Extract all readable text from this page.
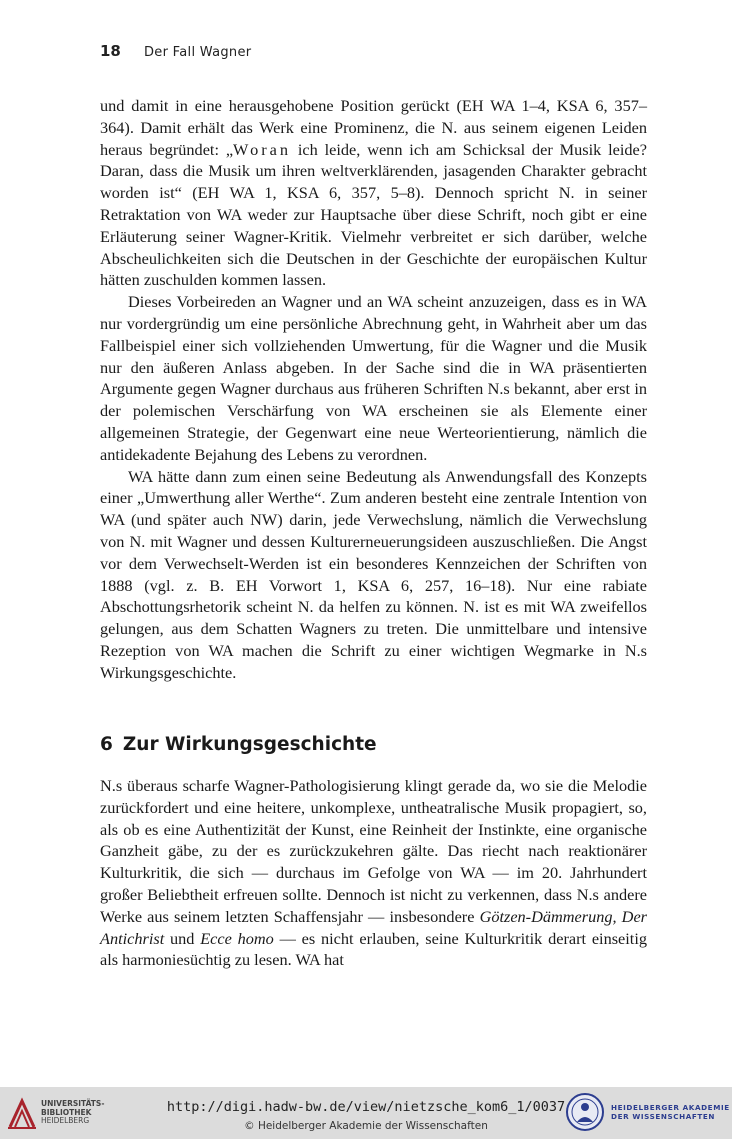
18	Der Fall Wagner

und damit in eine herausgehobene Position gerückt (EH WA 1–4, KSA 6, 357–364). Damit erhält das Werk eine Prominenz, die N. aus seinem eigenen Leiden heraus begründet: „Woran ich leide, wenn ich am Schicksal der Musik leide? Daran, dass die Musik um ihren weltverklärenden, jasagenden Charakter gebracht worden ist“ (EH WA 1, KSA 6, 357, 5–8). Dennoch spricht N. in seiner Retraktation von WA weder zur Hauptsache über diese Schrift, noch gibt er eine Erläuterung seiner Wagner-Kritik. Vielmehr verbreitet er sich darüber, welche Abscheulichkeiten sich die Deutschen in der Geschichte der europäischen Kultur hätten zuschulden kommen lassen.

Dieses Vorbeireden an Wagner und an WA scheint anzuzeigen, dass es in WA nur vordergründig um eine persönliche Abrechnung geht, in Wahrheit aber um das Fallbeispiel einer sich vollziehenden Umwertung, für die Wagner und die Musik nur den äußeren Anlass abgeben. In der Sache sind die in WA präsentierten Argumente gegen Wagner durchaus aus früheren Schriften N.s bekannt, aber erst in der polemischen Verschärfung von WA erscheinen sie als Elemente einer allgemeinen Strategie, der Gegenwart eine neue Werteorientierung, nämlich die antidekadente Bejahung des Lebens zu verordnen.

WA hätte dann zum einen seine Bedeutung als Anwendungsfall des Konzepts einer „Umwerthung aller Werthe“. Zum anderen besteht eine zentrale Intention von WA (und später auch NW) darin, jede Verwechslung, nämlich die Verwechslung von N. mit Wagner und dessen Kulturerneuerungsideen auszuschließen. Die Angst vor dem Verwechselt-Werden ist ein besonderes Kennzeichen der Schriften von 1888 (vgl. z. B. EH Vorwort 1, KSA 6, 257, 16–18). Nur eine rabiate Abschottungsrhetorik scheint N. da helfen zu können. N. ist es mit WA zweifellos gelungen, aus dem Schatten Wagners zu treten. Die unmittelbare und intensive Rezeption von WA machen die Schrift zu einer wichtigen Wegmarke in N.s Wirkungsgeschichte.

6 Zur Wirkungsgeschichte

N.s überaus scharfe Wagner-Pathologisierung klingt gerade da, wo sie die Melodie zurückfordert und eine heitere, unkomplexe, untheatralische Musik propagiert, so, als ob es eine Authentizität der Kunst, eine Reinheit der Instinkte, eine organische Ganzheit gäbe, zu der es zurückzukehren gälte. Das riecht nach reaktionärer Kulturkritik, die sich — durchaus im Gefolge von WA — im 20. Jahrhundert großer Beliebtheit erfreuen sollte. Dennoch ist nicht zu verkennen, dass N.s andere Werke aus seinem letzten Schaffensjahr — insbesondere Götzen-Dämmerung, Der Antichrist und Ecce homo — es nicht erlauben, seine Kulturkritik derart einseitig als harmoniesüchtig zu lesen. WA hat

UNIVERSITÄTS-
BIBLIOTHEK
HEIDELBERG
http://digi.hadw-bw.de/view/nietzsche_kom6_1/0037
© Heidelberger Akademie der Wissenschaften
HEIDELBERGER AKADEMIE
DER WISSENSCHAFTEN
